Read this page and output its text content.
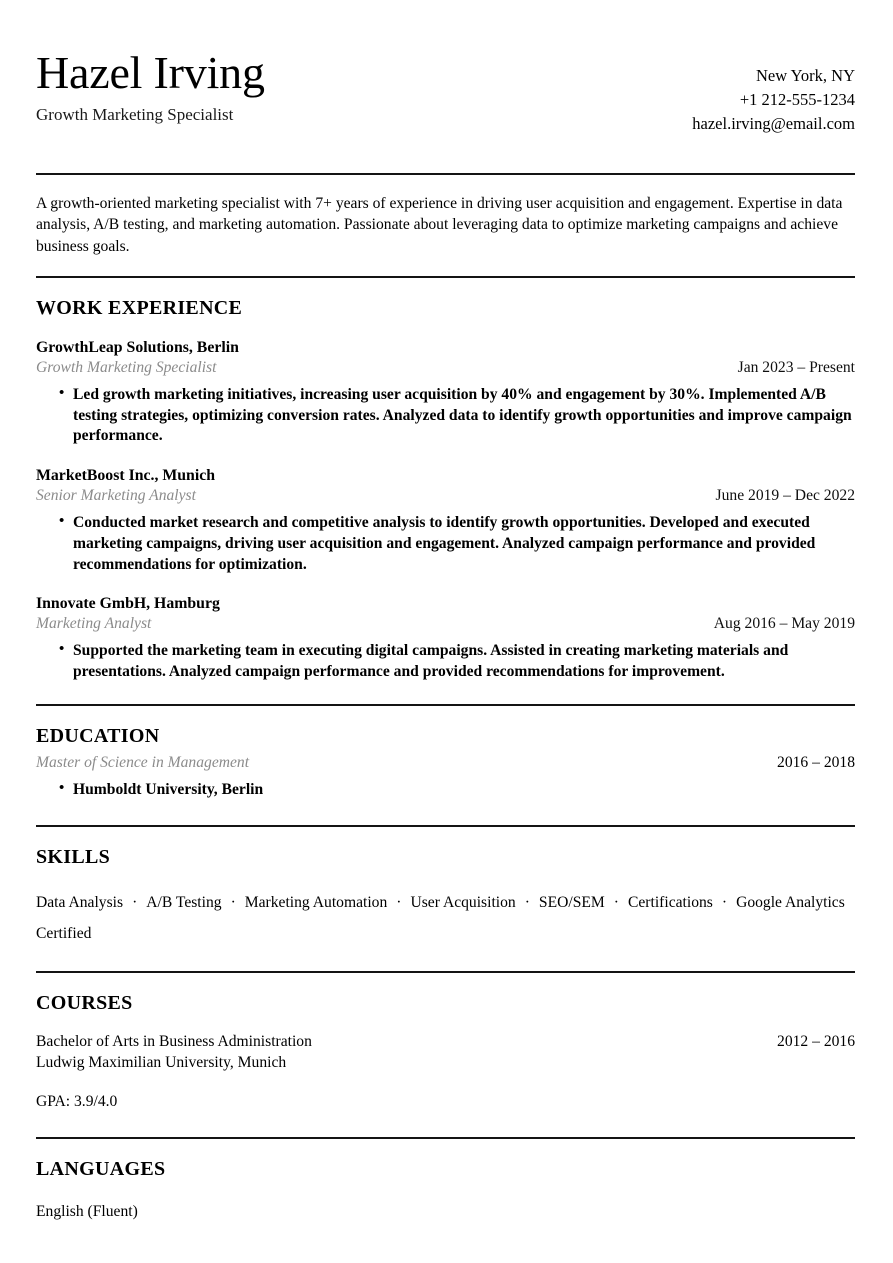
Hazel Irving
Growth Marketing Specialist
New York, NY
+1 212-555-1234
hazel.irving@email.com
A growth-oriented marketing specialist with 7+ years of experience in driving user acquisition and engagement. Expertise in data analysis, A/B testing, and marketing automation. Passionate about leveraging data to optimize marketing campaigns and achieve business goals.
WORK EXPERIENCE
GrowthLeap Solutions, Berlin
Growth Marketing Specialist	Jan 2023 – Present
• Led growth marketing initiatives, increasing user acquisition by 40% and engagement by 30%. Implemented A/B testing strategies, optimizing conversion rates. Analyzed data to identify growth opportunities and improve campaign performance.
MarketBoost Inc., Munich
Senior Marketing Analyst	June 2019 – Dec 2022
• Conducted market research and competitive analysis to identify growth opportunities. Developed and executed marketing campaigns, driving user acquisition and engagement. Analyzed campaign performance and provided recommendations for optimization.
Innovate GmbH, Hamburg
Marketing Analyst	Aug 2016 – May 2019
• Supported the marketing team in executing digital campaigns. Assisted in creating marketing materials and presentations. Analyzed campaign performance and provided recommendations for improvement.
EDUCATION
Master of Science in Management	2016 – 2018
• Humboldt University, Berlin
SKILLS
Data Analysis · A/B Testing · Marketing Automation · User Acquisition · SEO/SEM · Certifications · Google Analytics Certified
COURSES
Bachelor of Arts in Business Administration	2012 – 2016
Ludwig Maximilian University, Munich
GPA: 3.9/4.0
LANGUAGES
English (Fluent)
